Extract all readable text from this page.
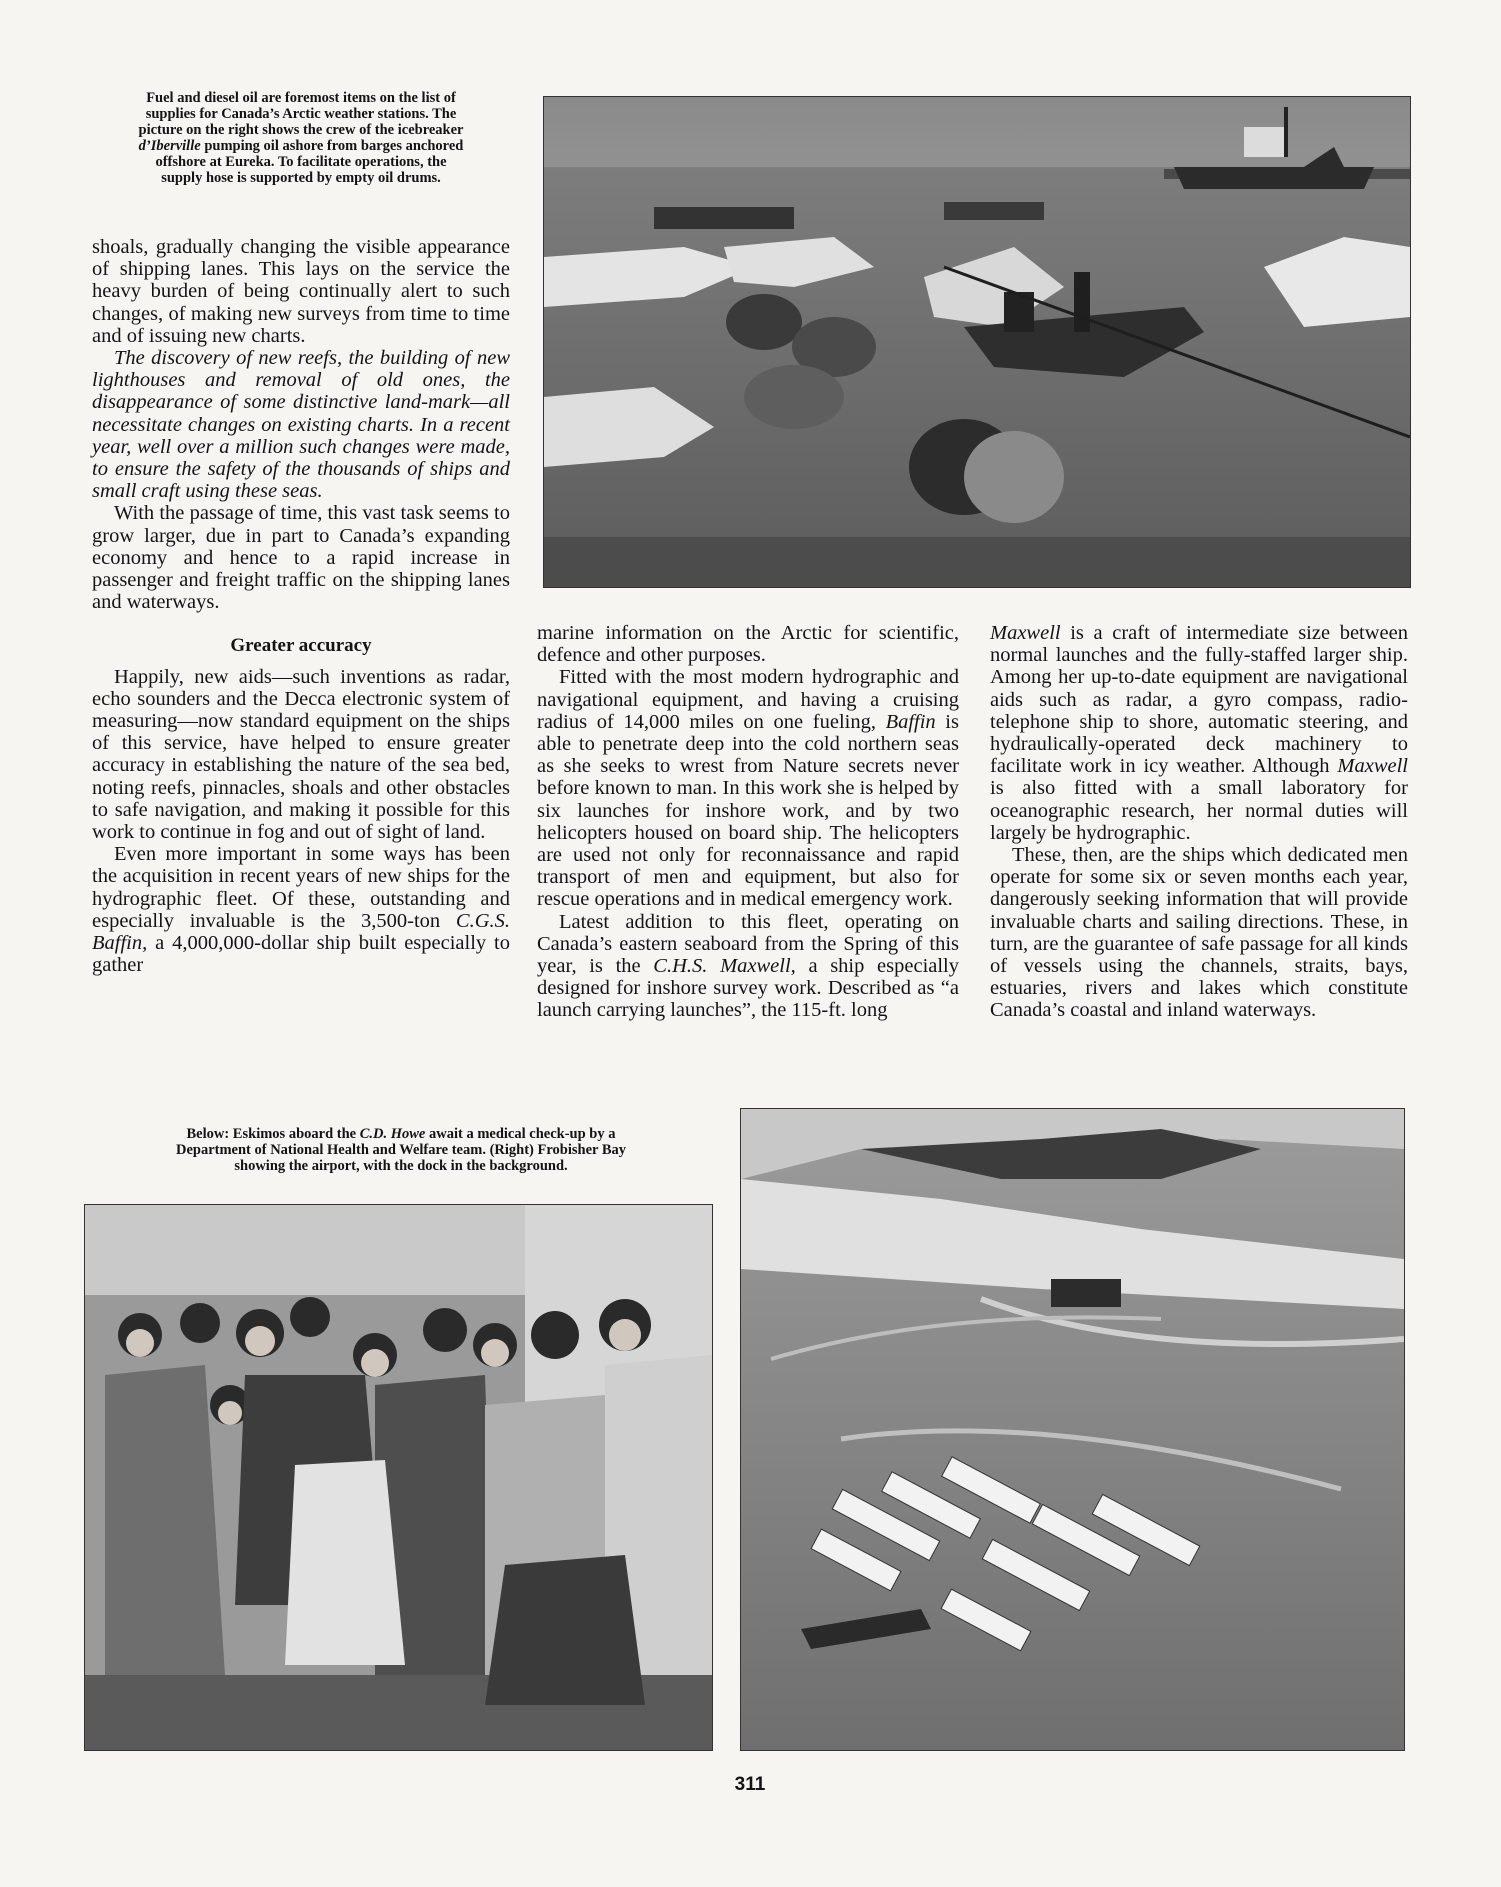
Fuel and diesel oil are foremost items on the list of
supplies for Canada’s Arctic weather stations. The
picture on the right shows the crew of the icebreaker
d’Iberville pumping oil ashore from barges anchored
offshore at Eureka. To facilitate operations, the
supply hose is supported by empty oil drums.

shoals, gradually changing the visible appearance of shipping lanes. This lays on the service the heavy burden of being continually alert to such changes, of making new surveys from time to time and of issuing new charts.

The discovery of new reefs, the building of new lighthouses and removal of old ones, the disappearance of some distinctive land-mark—all necessitate changes on existing charts. In a recent year, well over a million such changes were made, to ensure the safety of the thousands of ships and small craft using these seas.

With the passage of time, this vast task seems to grow larger, due in part to Canada’s expanding economy and hence to a rapid increase in passenger and freight traffic on the shipping lanes and waterways.

Greater accuracy

Happily, new aids—such inventions as radar, echo sounders and the Decca electronic system of measuring—now standard equipment on the ships of this service, have helped to ensure greater accuracy in establishing the nature of the sea bed, noting reefs, pinnacles, shoals and other obstacles to safe navigation, and making it possible for this work to continue in fog and out of sight of land.

Even more important in some ways has been the acquisition in recent years of new ships for the hydrographic fleet. Of these, outstanding and especially invaluable is the 3,500-ton C.G.S. Baffin, a 4,000,000-dollar ship built especially to gather

marine information on the Arctic for scientific, defence and other purposes.

Fitted with the most modern hydrographic and navigational equipment, and having a cruising radius of 14,000 miles on one fueling, Baffin is able to penetrate deep into the cold northern seas as she seeks to wrest from Nature secrets never before known to man. In this work she is helped by six launches for inshore work, and by two helicopters housed on board ship. The helicopters are used not only for reconnaissance and rapid transport of men and equipment, but also for rescue operations and in medical emergency work.

Latest addition to this fleet, operating on Canada’s eastern seaboard from the Spring of this year, is the C.H.S. Maxwell, a ship especially designed for inshore survey work. Described as “a launch carrying launches”, the 115-ft. long

Maxwell is a craft of intermediate size between normal launches and the fully-staffed larger ship. Among her up-to-date equipment are navigational aids such as radar, a gyro compass, radio-telephone ship to shore, automatic steering, and hydraulically-operated deck machinery to facilitate work in icy weather. Although Maxwell is also fitted with a small laboratory for oceanographic research, her normal duties will largely be hydrographic.

These, then, are the ships which dedicated men operate for some six or seven months each year, dangerously seeking information that will provide invaluable charts and sailing directions. These, in turn, are the guarantee of safe passage for all kinds of vessels using the channels, straits, bays, estuaries, rivers and lakes which constitute Canada’s coastal and inland waterways.

Below: Eskimos aboard the C.D. Howe await a medical check-up by a
Department of National Health and Welfare team. (Right) Frobisher Bay
showing the airport, with the dock in the background.
311
